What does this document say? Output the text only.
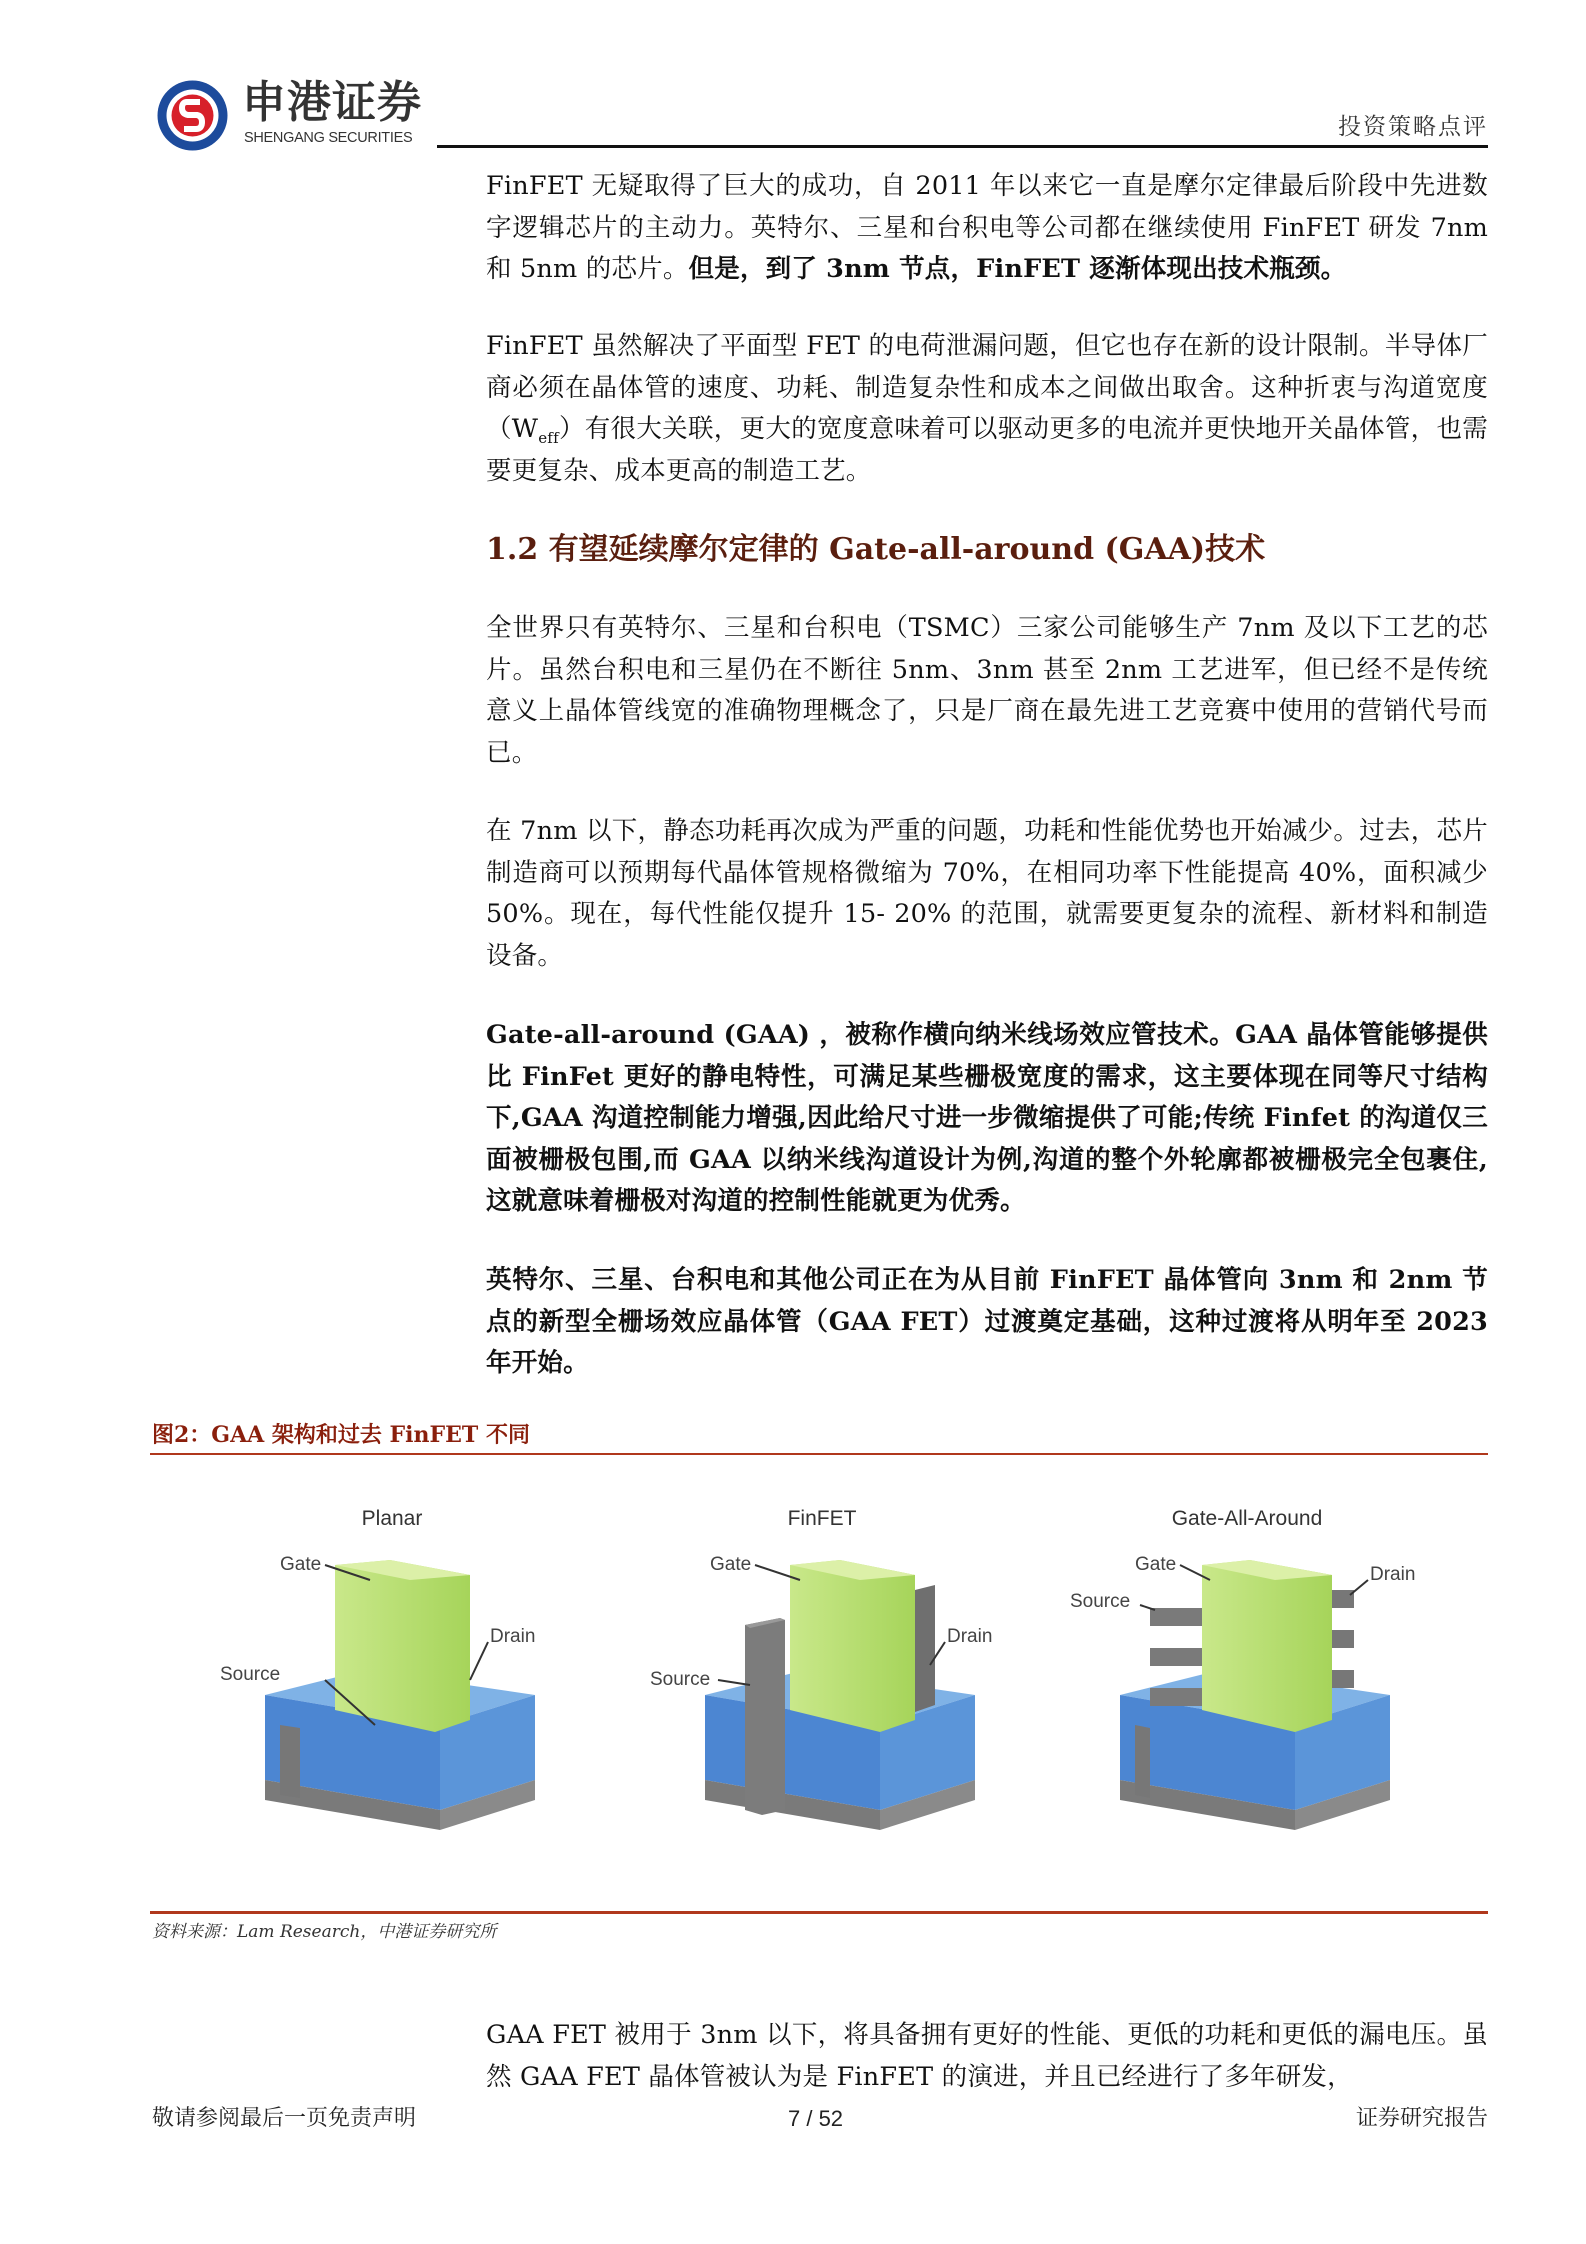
申港证券
SHENGANG SECURITIES	投资策略点评
FinFET 无疑取得了巨大的成功，自 2011 年以来它一直是摩尔定律最后阶段中先进数字逻辑芯片的主动力。英特尔、三星和台积电等公司都在继续使用 FinFET 研发 7nm 和 5nm 的芯片。但是，到了 3nm 节点，FinFET 逐渐体现出技术瓶颈。
FinFET 虽然解决了平面型 FET 的电荷泄漏问题，但它也存在新的设计限制。半导体厂商必须在晶体管的速度、功耗、制造复杂性和成本之间做出取舍。这种折衷与沟道宽度$(W_{eff})$有很大关联，更大的宽度意味着可以驱动更多的电流并更快地开关晶体管，也需要更复杂、成本更高的制造工艺。
1.2 有望延续摩尔定律的 Gate-all-around (GAA)技术
全世界只有英特尔、三星和台积电（TSMC）三家公司能够生产 7nm 及以下工艺的芯片。虽然台积电和三星仍在不断往 5nm、3nm 甚至 2nm 工艺进军，但已经不是传统意义上晶体管线宽的准确物理概念了，只是厂商在最先进工艺竞赛中使用的营销代号而已。
在 7nm 以下，静态功耗再次成为严重的问题，功耗和性能优势也开始减少。过去，芯片制造商可以预期每代晶体管规格微缩为 70%，在相同功率下性能提高 40%，面积减少 50%。现在，每代性能仅提升 15- 20% 的范围，就需要更复杂的流程、新材料和制造设备。
Gate-all-around (GAA) ，被称作横向纳米线场效应管技术。GAA 晶体管能够提供比 FinFet 更好的静电特性，可满足某些栅极宽度的需求，这主要体现在同等尺寸结构下,GAA 沟道控制能力增强,因此给尺寸进一步微缩提供了可能;传统 Finfet 的沟道仅三面被栅极包围,而 GAA 以纳米线沟道设计为例,沟道的整个外轮廓都被栅极完全包裹住,这就意味着栅极对沟道的控制性能就更为优秀。
英特尔、三星、台积电和其他公司正在为从目前 FinFET 晶体管向 3nm 和 2nm 节点的新型全栅场效应晶体管（GAA FET）过渡奠定基础，这种过渡将从明年至 2023 年开始。
图2：GAA 架构和过去 FinFET 不同
Planar
Gate
Source
Drain
FinFET
Gate
Source
Drain
Gate-All-Around
Gate
Source
Drain
资料来源：Lam Research，中港证券研究所
GAA FET 被用于 3nm 以下，将具备拥有更好的性能、更低的功耗和更低的漏电压。虽然 GAA FET 晶体管被认为是 FinFET 的演进，并且已经进行了多年研发，
敬请参阅最后一页免责声明	7 / 52	证券研究报告
